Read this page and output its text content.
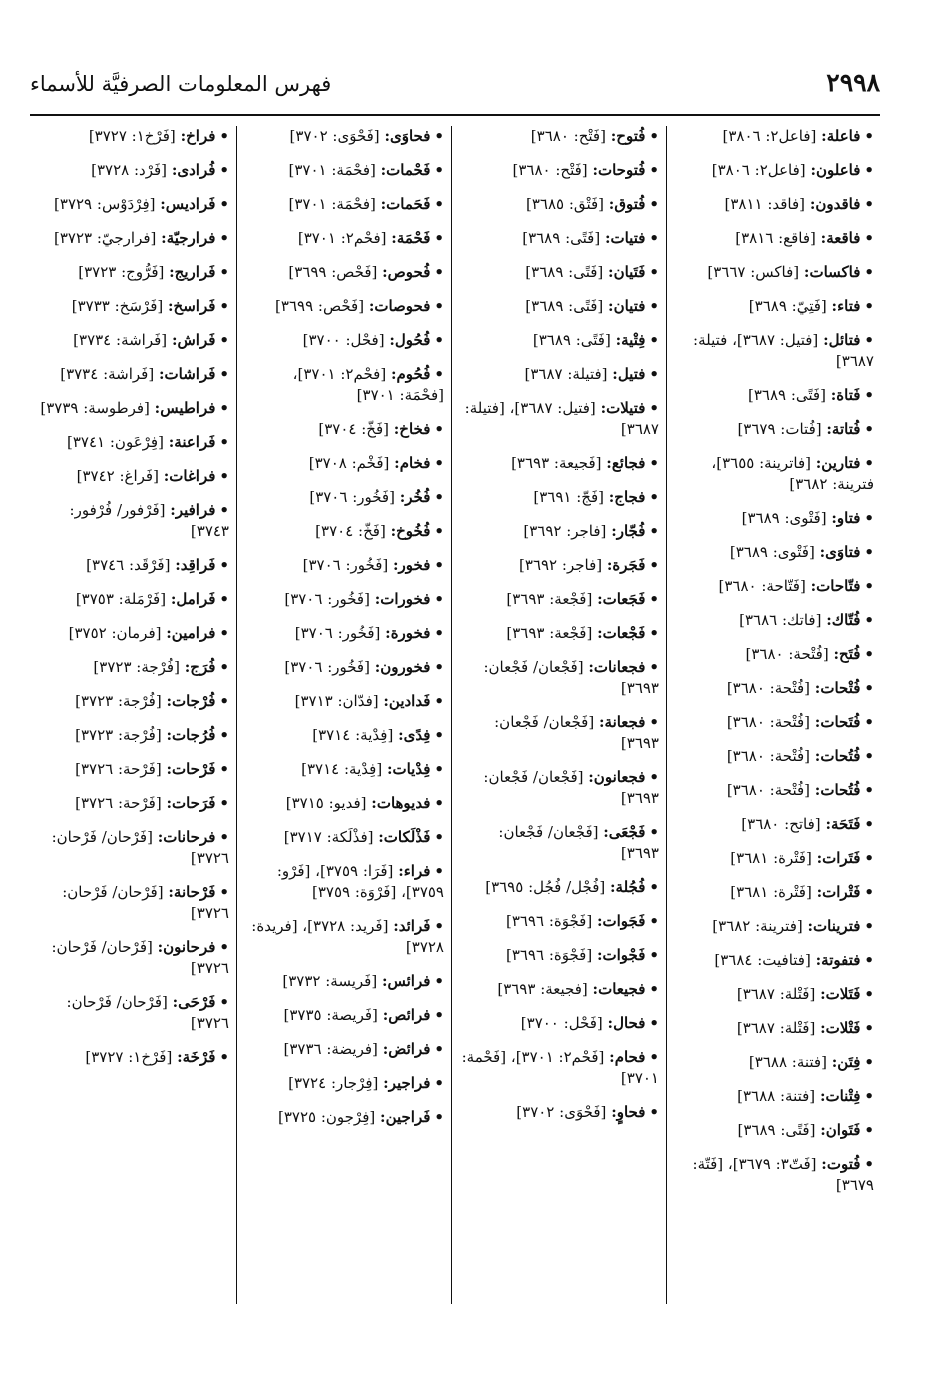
٢٩٩٨
فهرس المعلومات الصرفيَّة للأسماء
•فاعلة: [فاعل٢: ٣٨٠٦]
•فاعلون: [فاعل٢: ٣٨٠٦]
•فاقدون: [فاقد: ٣٨١١]
•فاقعة: [فاقع: ٣٨١٦]
•فاكسات: [فاكس: ٣٦٦٧]
•فتاء: [فَتِيّ: ٣٦٨٩]
•فتائل: [فتيل: ٣٦٨٧]، فتيلة: ٣٦٨٧]
•فَتاة: [فَتًى: ٣٦٨٩]
•فُتاتة: [فُتات: ٣٦٧٩]
•فتارين: [فاترينة: ٣٦٥٥]، فترينة: ٣٦٨٢]
•فتاو: [فَتْوى: ٣٦٨٩]
•فتاوَى: [فَتْوى: ٣٦٨٩]
•فتّاحات: [فَتّاحة: ٣٦٨٠]
•فُتّاك: [فاتك: ٣٦٨٦]
•فُتَح: [فُتْحة: ٣٦٨٠]
•فُتْحات: [فُتْحة: ٣٦٨٠]
•فُتَحات: [فُتْحة: ٣٦٨٠]
•فُتُحات: [فُتْحة: ٣٦٨٠]
•فُتُحات: [فُتْحة: ٣٦٨٠]
•فَتَحَة: [فاتح: ٣٦٨٠]
•فَتَرات: [فَتْرة: ٣٦٨١]
•فَتْرات: [فَتْرة: ٣٦٨١]
•فترينات: [فترينة: ٣٦٨٢]
•فتفوتة: [فتافيت: ٣٦٨٤]
•فَتَلات: [فَتْلة: ٣٦٨٧]
•فَتْلات: [فَتْلة: ٣٦٨٧]
•فِتَن: [فتنة: ٣٦٨٨]
•فِتْنات: [فتنة: ٣٦٨٨]
•فَتَوان: [فَتًى: ٣٦٨٩]
•فُتوت: [فَتّ٣: ٣٦٧٩]، [فَتّة: ٣٦٧٩]
•فُتوح: [فَتْح: ٣٦٨٠]
•فُتوحات: [فَتْح: ٣٦٨٠]
•فُتوق: [فَتْق: ٣٦٨٥]
•فتيات: [فَتًى: ٣٦٨٩]
•فَتَيان: [فَتًى: ٣٦٨٩]
•فتيان: [فَتًى: ٣٦٨٩]
•فِتْية: [فَتًى: ٣٦٨٩]
•فتيل: [فتيلة: ٣٦٨٧]
•فتيلات: [فتيل: ٣٦٨٧]، [فتيلة: ٣٦٨٧]
•فجائع: [فَجيعة: ٣٦٩٣]
•فجاج: [فَجّ: ٣٦٩١]
•فُجّار: [فاجر: ٣٦٩٢]
•فَجَرة: [فاجر: ٣٦٩٢]
•فَجَعات: [فَجْعة: ٣٦٩٣]
•فَجْعات: [فَجْعة: ٣٦٩٣]
•فجعانات: [فَجْعان/ فَجْعان: ٣٦٩٣]
•فجعانة: [فَجْعان/ فَجْعان: ٣٦٩٣]
•فجعانون: [فَجْعان/ فَجْعان: ٣٦٩٣]
•فَجْعَى: [فَجْعان/ فَجْعان: ٣٦٩٣]
•فُجُلة: [فُجْل/ فُجُل: ٣٦٩٥]
•فَجَوات: [فَجْوَة: ٣٦٩٦]
•فَجْوات: [فَجْوَة: ٣٦٩٦]
•فجيعات: [فجيعة: ٣٦٩٣]
•فحال: [فَحْل: ٣٧٠٠]
•فحام: [فَحْم٢: ٣٧٠١]، [فَحْمة: ٣٧٠١]
•فحاوٍ: [فَحْوَى: ٣٧٠٢]
•فحاوَى: [فَحْوَى: ٣٧٠٢]
•فَحْمات: [فحْمَة: ٣٧٠١]
•فَحَمات: [فحْمَة: ٣٧٠١]
•فَحْمَة: [فحْم٢: ٣٧٠١]
•فُحوص: [فَحْص: ٣٦٩٩]
•فحوصات: [فَحْص: ٣٦٩٩]
•فُحُول: [فحْل: ٣٧٠٠]
•فُحُوم: [فحْم٢: ٣٧٠١]، [فحْمَة: ٣٧٠١]
•فخاخ: [فَخّ: ٣٧٠٤]
•فخام: [فَخْم: ٣٧٠٨]
•فُخُر: [فَخُور: ٣٧٠٦]
•فُخُوخ: [فَخّ: ٣٧٠٤]
•فخور: [فَخُور: ٣٧٠٦]
•فخورات: [فَخُور: ٣٧٠٦]
•فخورة: [فَخُور: ٣٧٠٦]
•فخورون: [فَخُور: ٣٧٠٦]
•فَدادين: [فدّان: ٣٧١٣]
•فِدًى: [فِدْية: ٣٧١٤]
•فِدْيات: [فِدْية: ٣٧١٤]
•فديوهات: [فديو: ٣٧١٥]
•فَذْلَكات: [فذْلَكة: ٣٧١٧]
•فراء: [فَرَا: ٣٧٥٩]، [فَرْو: ٣٧٥٩]، [فَرْوَة: ٣٧٥٩]
•فَرائد: [فَريد: ٣٧٢٨]، [فريدة: ٣٧٢٨]
•فرائس: [فَريسة: ٣٧٣٢]
•فرائص: [فَريصة: ٣٧٣٥]
•فرائض: [فريضة: ٣٧٣٦]
•فراجير: [فِرْجار: ٣٧٢٤]
•فَراجين: [فِرْجون: ٣٧٢٥]
•فراخ: [فَرْخ١: ٣٧٢٧]
•فُرادى: [فَرْد: ٣٧٢٨]
•فَراديس: [فِرْدَوْس: ٣٧٢٩]
•فرارجيّة: [فرارجيّ: ٣٧٢٣]
•فَراريج: [فَرُّوج: ٣٧٢٣]
•فَراسخ: [فَرْسَخ: ٣٧٣٣]
•فَراش: [فَراشة: ٣٧٣٤]
•فَراشات: [فَراشة: ٣٧٣٤]
•فراطيس: [فرطوسة: ٣٧٣٩]
•فَراعنة: [فِرْعَون: ٣٧٤١]
•فراغات: [فَراغ: ٣٧٤٢]
•فرافير: [فَرْفور/ فُرْفور: ٣٧٤٣]
•فَراقِد: [فَرْقَد: ٣٧٤٦]
•فَرامل: [فَرْمَلة: ٣٧٥٣]
•فرامين: [فرمان: ٣٧٥٢]
•فُرَج: [فُرْجة: ٣٧٢٣]
•فُرْجات: [فُرْجة: ٣٧٢٣]
•فُرُجات: [فُرْجة: ٣٧٢٣]
•فَرْحات: [فَرْحة: ٣٧٢٦]
•فَرَحات: [فَرْحة: ٣٧٢٦]
•فرحانات: [فَرْحان/ فَرْحان: ٣٧٢٦]
•فَرْحانة: [فَرْحان/ فَرْحان: ٣٧٢٦]
•فرحانون: [فَرْحان/ فَرْحان: ٣٧٢٦]
•فَرْحَى: [فَرْحان/ فَرْحان: ٣٧٢٦]
•فَرْخَة: [فَرْخ١: ٣٧٢٧]
